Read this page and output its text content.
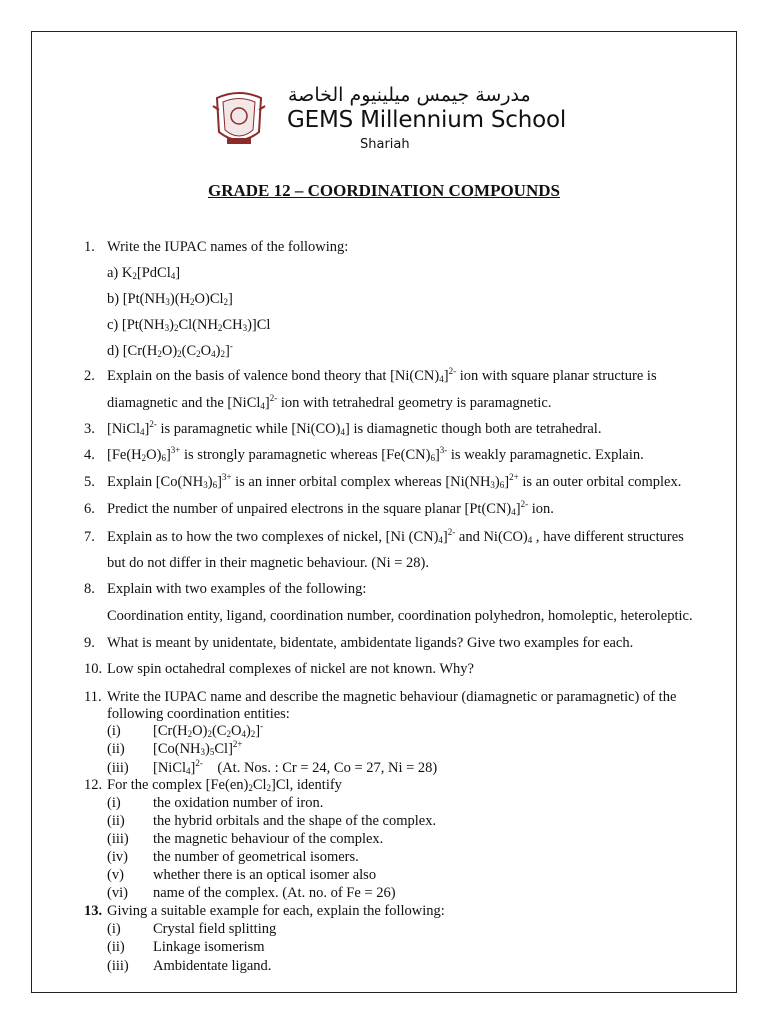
مدرسة جيمس ميلينيوم الخاصة
GEMS Millennium School
Shariah
GRADE 12 – COORDINATION COMPOUNDS
1. Write the IUPAC names of the following:
a) $K_2[PdCl_4]$
b) $[Pt(NH_3)(H_2O)Cl_2]$
c) $[Pt(NH_3)_2Cl(NH_2CH_3)]Cl$
d) $[Cr(H_2O)_2(C_2O_4)_2]^-$
2. Explain on the basis of valence bond theory that $[Ni(CN)_4]^{2-}$ ion with square planar structure is
diamagnetic and the [NiCl$_4$]$^{2-}$ ion with tetrahedral geometry is paramagnetic.
3. [NiCl$_4$]$^{2-}$ is paramagnetic while $[Ni(CO)_4]$ is diamagnetic though both are tetrahedral.
4. $[Fe(H_2O)_6]^{3+}$ is strongly paramagnetic whereas $[Fe(CN)_6]^{3-}$ is weakly paramagnetic. Explain.
5. Explain $[Co(NH_3)_6]^{3+}$ is an inner orbital complex whereas $[Ni(NH_3)_6]^{2+}$ is an outer orbital complex.
6. Predict the number of unpaired electrons in the square planar $[Pt(CN)_4]^{2-}$ ion.
7. Explain as to how the two complexes of nickel, [Ni $(CN)_4]^{2-}$ and $Ni(CO)_4$ , have different structures
but do not differ in their magnetic behaviour. (Ni = 28).
8. Explain with two examples of the following:
Coordination entity, ligand, coordination number, coordination polyhedron, homoleptic, heteroleptic.
9. What is meant by unidentate, bidentate, ambidentate ligands? Give two examples for each.
10. Low spin octahedral complexes of nickel are not known. Why?
11. Write the IUPAC name and describe the magnetic behaviour (diamagnetic or paramagnetic) of the
following coordination entities:
(i) $[Cr(H_2O)_2(C_2O_4)_2]^-$
(ii) $[Co(NH_3)_5Cl]^{2+}$
(iii) [NiCl$_4$]$^{2-}$ (At. Nos. : Cr = 24, Co = 27, Ni = 28)
12. For the complex $[Fe(en)_2Cl_2]Cl$, identify
(i) the oxidation number of iron.
(ii) the hybrid orbitals and the shape of the complex.
(iii) the magnetic behaviour of the complex.
(iv) the number of geometrical isomers.
(v) whether there is an optical isomer also
(vi) name of the complex. (At. no. of Fe = 26)
13. Giving a suitable example for each, explain the following:
(i) Crystal field splitting
(ii) Linkage isomerism
(iii) Ambidentate ligand.
